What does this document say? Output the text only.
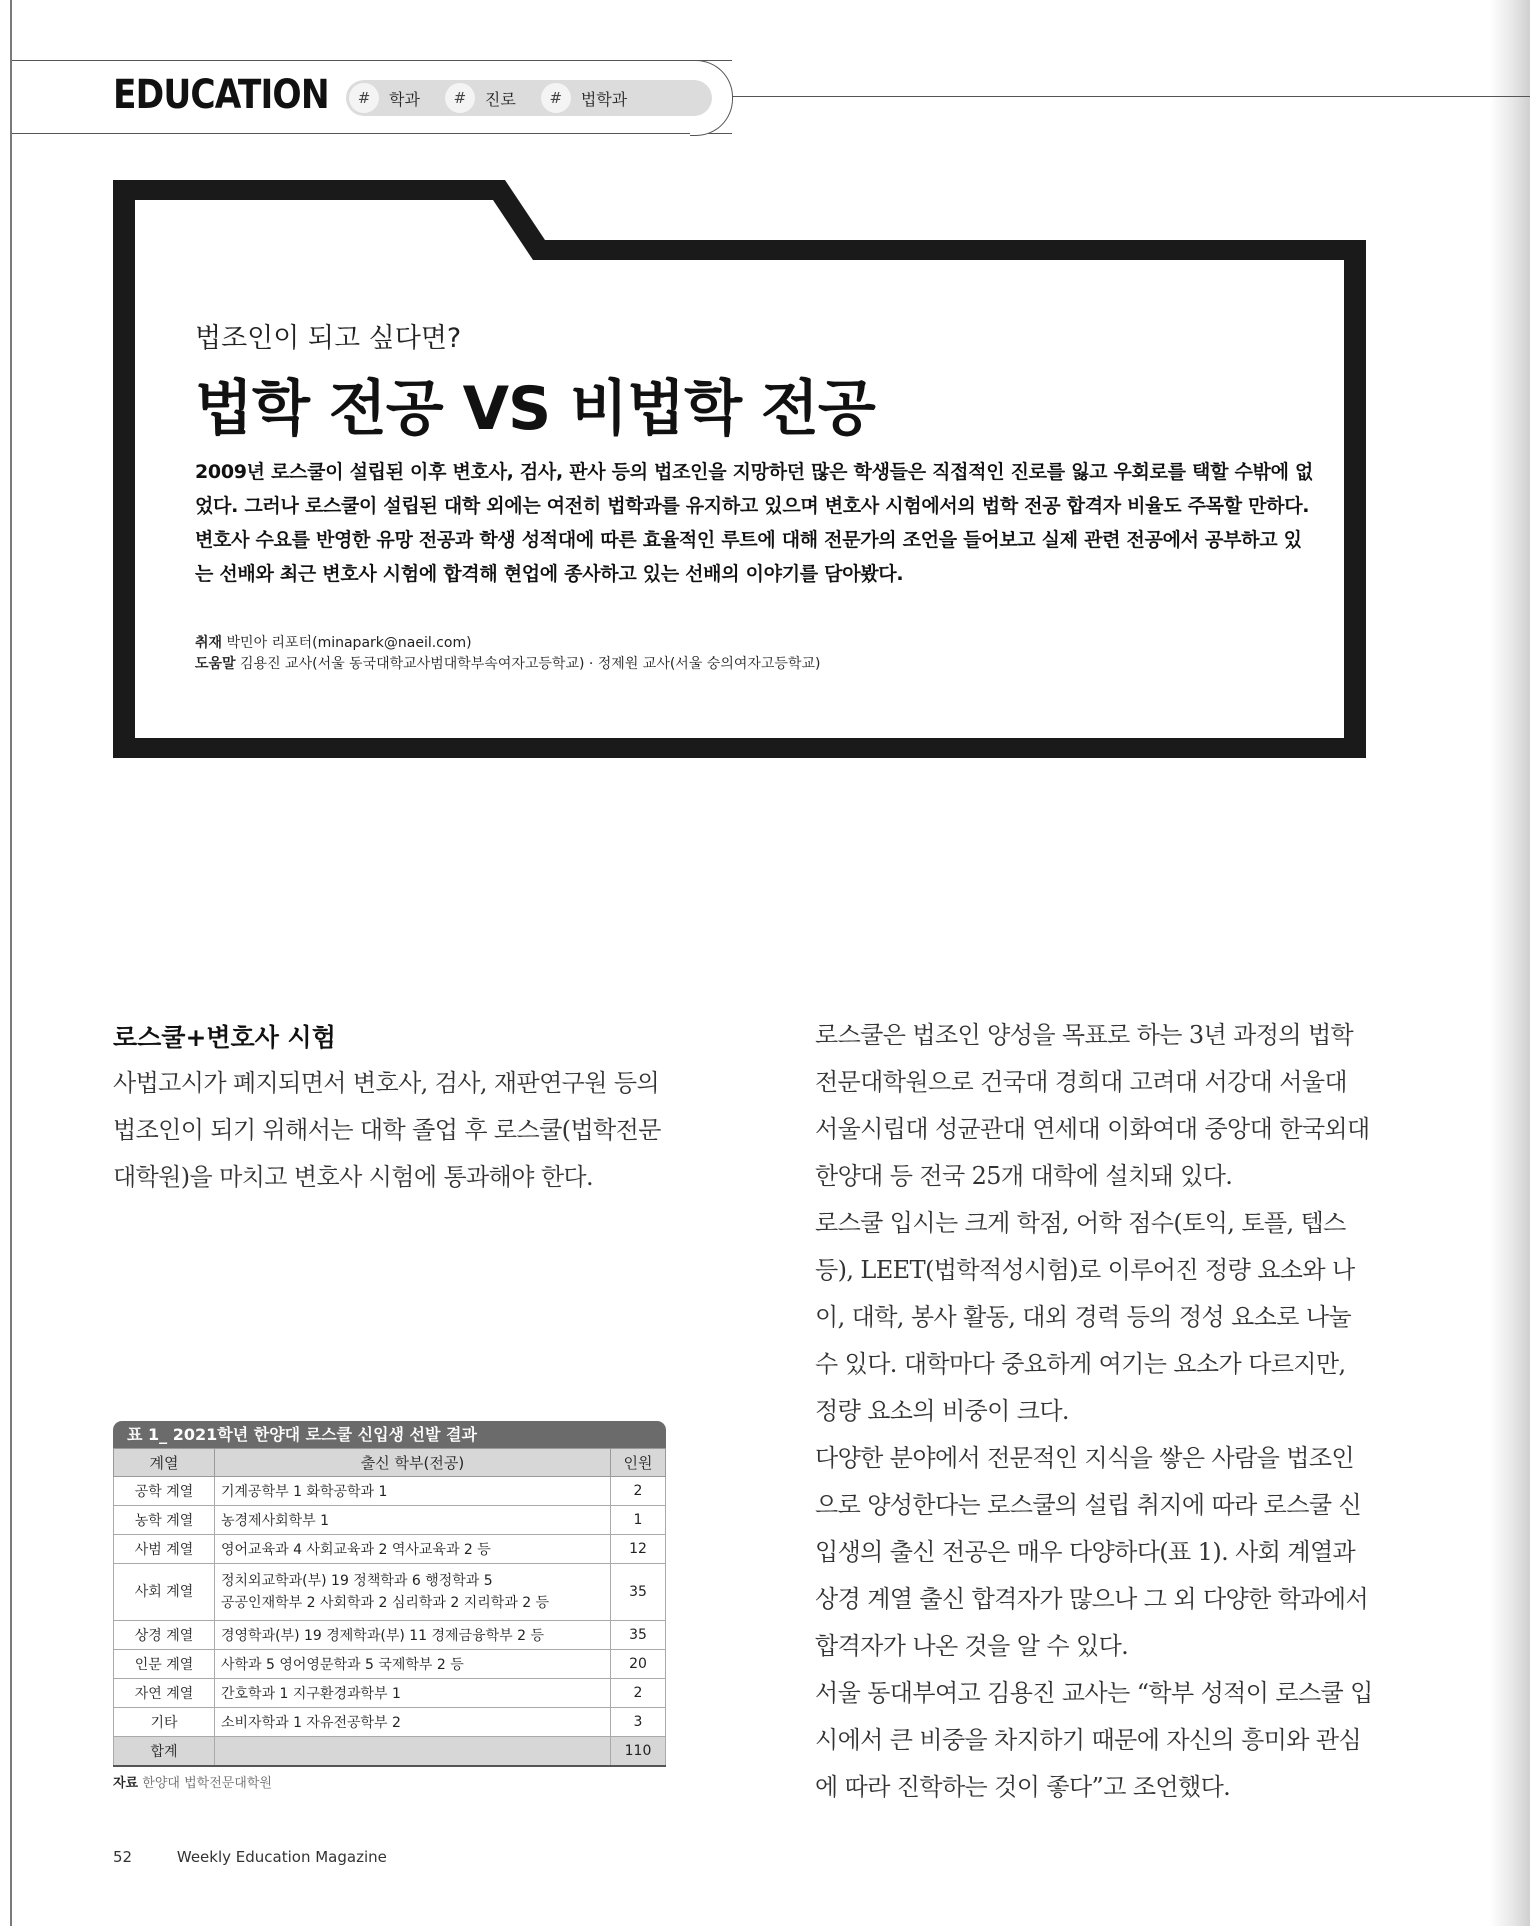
EDUCATION	#	학과	#	진로	#	법학과

법조인이 되고 싶다면?

법학 전공 VS 비법학 전공

2009년 로스쿨이 설립된 이후 변호사, 검사, 판사 등의 법조인을 지망하던 많은 학생들은 직접적인 진로를 잃고 우회로를 택할 수밖에 없었다. 그러나 로스쿨이 설립된 대학 외에는 여전히 법학과를 유지하고 있으며 변호사 시험에서의 법학 전공 합격자 비율도 주목할 만하다.

변호사 수요를 반영한 유망 전공과 학생 성적대에 따른 효율적인 루트에 대해 전문가의 조언을 들어보고 실제 관련 전공에서 공부하고 있는 선배와 최근 변호사 시험에 합격해 현업에 종사하고 있는 선배의 이야기를 담아봤다.

취재 박민아 리포터(minapark@naeil.com)
도움말 김용진 교사(서울 동국대학교사범대학부속여자고등학교) · 정제원 교사(서울 숭의여자고등학교)
로스쿨+변호사 시험

사법고시가 폐지되면서 변호사, 검사, 재판연구원 등의 법조인이 되기 위해서는 대학 졸업 후 로스쿨(법학전문대학원)을 마치고 변호사 시험에 통과해야 한다.

로스쿨은 법조인 양성을 목표로 하는 3년 과정의 법학전문대학원으로 건국대 경희대 고려대 서강대 서울대 서울시립대 성균관대 연세대 이화여대 중앙대 한국외대 한양대 등 전국 25개 대학에 설치돼 있다.

로스쿨 입시는 크게 학점, 어학 점수(토익, 토플, 텝스 등), LEET(법학적성시험)로 이루어진 정량 요소와 나이, 대학, 봉사 활동, 대외 경력 등의 정성 요소로 나눌 수 있다. 대학마다 중요하게 여기는 요소가 다르지만, 정량 요소의 비중이 크다.

다양한 분야에서 전문적인 지식을 쌓은 사람을 법조인으로 양성한다는 로스쿨의 설립 취지에 따라 로스쿨 신입생의 출신 전공은 매우 다양하다(표 1). 사회 계열과 상경 계열 출신 합격자가 많으나 그 외 다양한 학과에서 합격자가 나온 것을 알 수 있다.

서울 동대부여고 김용진 교사는 “학부 성적이 로스쿨 입시에서 큰 비중을 차지하기 때문에 자신의 흥미와 관심에 따라 진학하는 것이 좋다”고 조언했다.

표 1_ 2021학년 한양대 로스쿨 신입생 선발 결과
계열	출신 학부(전공)	인원
공학 계열	기계공학부 1 화학공학과 1	2
농학 계열	농경제사회학부 1	1
사범 계열	영어교육과 4 사회교육과 2 역사교육과 2 등	12
사회 계열	정치외교학과(부) 19 정책학과 6 행정학과 5
공공인재학부 2 사회학과 2 심리학과 2 지리학과 2 등	35
상경 계열	경영학과(부) 19 경제학과(부) 11 경제금융학부 2 등	35
인문 계열	사학과 5 영어영문학과 5 국제학부 2 등	20
자연 계열	간호학과 1 지구환경과학부 1	2
기타	소비자학과 1 자유전공학부 2	3
합계		110
자료 한양대 법학전문대학원
52	Weekly Education Magazine
